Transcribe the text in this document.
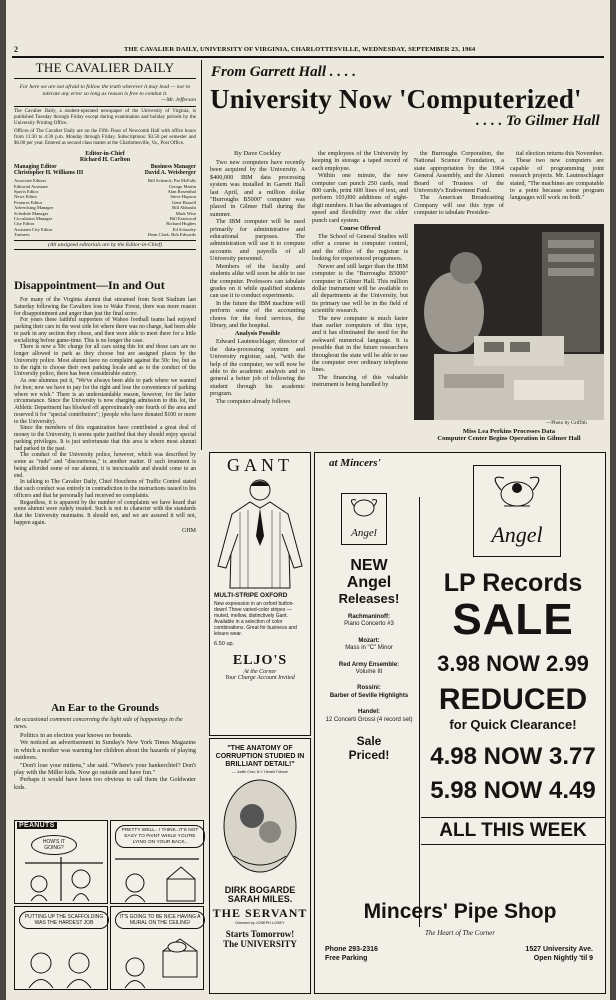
2	THE CAVALIER DAILY, UNIVERSITY OF VIRGINIA, CHARLOTTESVILLE, WEDNESDAY, SEPTEMBER 23, 1964
THE CAVALIER DAILY
For here we are not afraid to follow the truth wherever it may lead — nor to tolerate any error so long as reason is free to combat it.
—Mr. Jefferson
The Cavalier Daily, a student-operated newspaper of the University of Virginia, is published Tuesday through Friday except during examination and holiday periods by the University Printing Office.
Offices of The Cavalier Daily are on the Fifth Floor of Newcomb Hall with office hours from 11:30 to 4:30 p.m. Monday through Friday. Subscriptions: $3.50 per semester and $6.00 per year. Entered as second class matter at the Charlottesville, Va., Post Office.
Editor-in-Chief
Richard H. Carlton
Managing Editor
Christopher H. Williams III
Business Manager
David A. Weisberger
Associate Editors
Editorial Assistant
Sports Editor
News Editor
Features Editor
Advertising Manager
Schedule Manager
Circulation Manager
City Editor
Assistant City Editor
Trainees
Bill Schenck, Pat McFalls
George Martin
Alan Rosenthal
Steve Hopson
Gene Brazell
Bill Abbouhi
Mark Wise
Bill Eastwood
Richard Hughes
Ed Schooley
Dean Clark, Bob Edwards
(All unsigned editorials are by the Editor-in-Chief)
Disappointment—In and Out

For many of the Virginia alumni that streamed from Scott Stadium last Saturday following the Cavaliers loss to Wake Forest, there was more reason for disappointment and anger than just the final score.

For years these faithful supporters of Wahoo football teams had enjoyed parking their cars in the west side lot where there was no charge, had been able to park in any section they chose, and then were able to meet there for a little socializing before game-time. This is no longer the case.

There is now a 50c charge for all cars using this lot and those cars are no longer allowed to park as they choose but are assigned places by the University police. Most alumni have no complaint against the 50c fee, but as to the right to choose their own parking locale and as to the conduct of the University police, there has been considerable outcry.

As one alumnus put it, "We've always been able to park where we wanted for free; now we have to pay for the right and lose the convenience of parking where we wish." There is an understandable reason, however, for the latter circumstance. Since the University is now charging admission to this lot, the Athletic Department has blocked off approximately one fourth of the area and reserved it for "special contributors"; (people who have donated $100 or more to the University).

Since the members of this organization have contributed a great deal of money to the University, it seems quite justified that they should enjoy special parking privileges. It is just unfortunate that this area is where most alumni had parked in the past.

The conduct of the University police, however, which was described by some as "rude" and "discourteous," is another matter. If such treatment is being afforded some of our alumni, it is inexcusable and should come to an end.

In talking to The Cavalier Daily, Chief Houchens of Traffic Control stated that such conduct was entirely in contradiction to the instructions issued to his officers and that he personally had received no complaints.

Regardless, it is apparent by the number of complaints we have heard that some alumni were rudely treated. Such is not in character with the standards that the University maintains. It should not, and we are assured it will not, happen again.

GHM
An Ear to the Grounds
An occasional comment concerning the light side of happenings in the news.

Politics in an election year knows no bounds.

We noticed an advertisement in Sunday's New York Times Magazine in which a mother was warning her children about the hazards of playing outdoors.

"Don't lose your mittens," she said. "Where's your hankerchief? Don't play with the Miller kids. Now go outside and have fun."

Perhaps it would have been too obvious to call them the Goldwater kids.

PEANUTS
HOW'S IT GOING?
PRETTY WELL.. I THINK..IT'S NOT EASY TO PAINT WHILE YOU'RE LYING ON YOUR BACK..
PUTTING UP THE SCAFFOLDING WAS THE HARDEST JOB
IT'S GOING TO BE NICE HAVING A MURAL ON THE CEILING!
From Garrett Hall . . . .
University Now 'Computerized'
. . . . To Gilmer Hall
By Dave Cockley

Two new computers have recently been acquired by the University. A $400,000 IBM data processing system was installed in Garrett Hall last April, and a million dollar "Burroughs B5000" computer was placed in Gilmer Hall during the summer.

The IBM computer will be used primarily for administrative and educational purposes. The administration will use it to compute accounts and payrolls of all University personnel.

Members of the faculty and students alike will soon be able to use the computer. Professors can tabulate grades on it while qualified students can use it to conduct experiments.

In the future the IBM machine will perform some of the accounting chores for the food services, the library, and the hospital.

Analysis Possible

Edward Lautenschlager, director of the data-processing system and University registrar, said, "with the help of the computer, we will now be able to do academic analysis and in general a better job of following the student through his academic program.

The computer already follows

the employees of the University by keeping in storage a taped record of each employee.

Within one minute, the new computer can punch 250 cards, read 800 cards, print 600 lines of text, and perform 103,000 additions of eight-digit numbers. It has the advantages of speed and flexibility over the older punch card system.

Course Offered

The School of General Studies will offer a course in computer control, and the office of the registrar is looking for experienced programers.

Newer and still larger than the IBM computer is the "Burroughs B5000" computer in Gilmer Hall. This million dollar instrument will be available to all departments at the University, but its primary use will be in the field of scientific research.

The new computer is much faster than earlier computers of this type, and it has eliminated the need for the awkward numerical language. It is possible that in the future researchers throughout the state will be able to use the computer over ordinary telephone lines.

The financing of this valuable instrument is being handled by

the Burroughs Corporation, the National Science Foundation, a state appropriation by the 1964 General Assembly, and the Alumni Board of Trustees of the University's Endowment Fund.

The American Broadcasting Company will use this type of computer to tabulate Presiden-

tial election returns this November.

These two new computers are capable of programming joint research projects. Mr. Lautenschlager stated, "The machines are compatable to a point because some program languages will work on both."

—Photo by Griffith
Miss Lea Perkins Processes Data
Computer Center Begins Operation in Gilmer Hall
GANT
MULTI-STRIPE OXFORD
New expression in an oxford button-down! Three varied-color stripes — muted, mellow, distinctively Gant. Available in a selection of color combinations. Great for business and leisure wear.
6.50 up.
ELJO'S
At the Corner
Your Charge Account Invited
"THE ANATOMY OF CORRUPTION STUDIED IN BRILLIANT DETAIL!"
— Judith Crist, N.Y. Herald Tribune
DIRK BOGARDE SARAH MILES.
THE SERVANT
Directed by JOSEPH LOSEY
Starts Tomorrow!
The UNIVERSITY
at Mincers'
Angel
NEW
Angel
Releases!
Rachmaninoff:
Piano Concerto #3
Mozart:
Mass in "C" Minor
Red Army Ensemble:
Volume III
Rossini:
Barber of Seville Highlights
Handel:
12 Concerti Grossi (4 record set)
Sale
Priced!
Angel
LP Records
SALE
3.98 NOW 2.99
REDUCED
for Quick Clearance!
4.98 NOW 3.77
5.98 NOW 4.49
ALL THIS WEEK
Mincers' Pipe Shop
The Heart of The Corner
Phone 293-2316
Free Parking
1527 University Ave.
Open Nightly 'til 9
